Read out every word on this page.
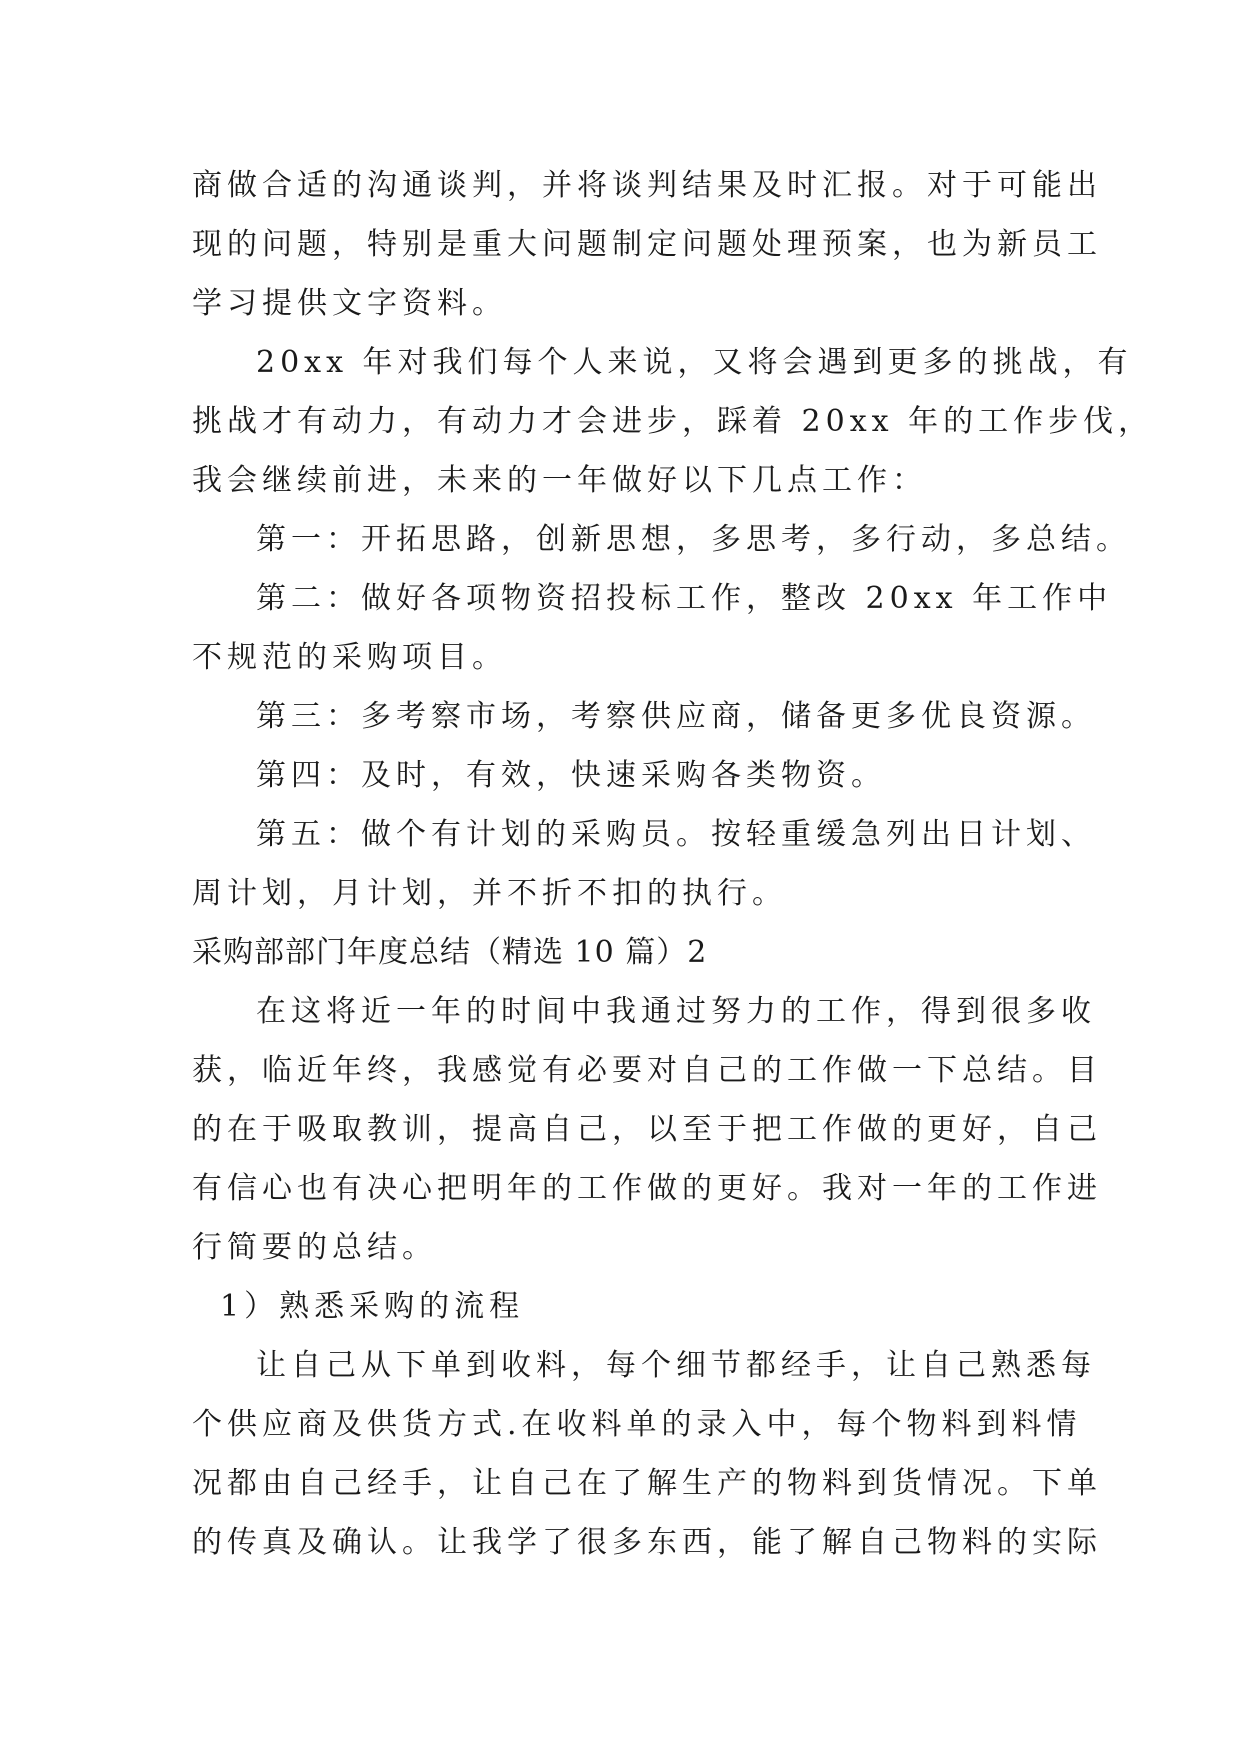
商做合适的沟通谈判，并将谈判结果及时汇报。对于可能出
现的问题，特别是重大问题制定问题处理预案，也为新员工
学习提供文字资料。
20xx 年对我们每个人来说，又将会遇到更多的挑战，有
挑战才有动力，有动力才会进步，踩着 20xx 年的工作步伐，
我会继续前进，未来的一年做好以下几点工作：
第一：开拓思路，创新思想，多思考，多行动，多总结。
第二：做好各项物资招投标工作，整改 20xx 年工作中
不规范的采购项目。
第三：多考察市场，考察供应商，储备更多优良资源。
第四：及时，有效，快速采购各类物资。
第五：做个有计划的采购员。按轻重缓急列出日计划、
周计划，月计划，并不折不扣的执行。
采购部部门年度总结（精选 10 篇）2
在这将近一年的时间中我通过努力的工作，得到很多收
获，临近年终，我感觉有必要对自己的工作做一下总结。目
的在于吸取教训，提高自己，以至于把工作做的更好，自己
有信心也有决心把明年的工作做的更好。我对一年的工作进
行简要的总结。
1）熟悉采购的流程
让自己从下单到收料，每个细节都经手，让自己熟悉每
个供应商及供货方式.在收料单的录入中，每个物料到料情
况都由自己经手，让自己在了解生产的物料到货情况。下单
的传真及确认。让我学了很多东西，能了解自己物料的实际
